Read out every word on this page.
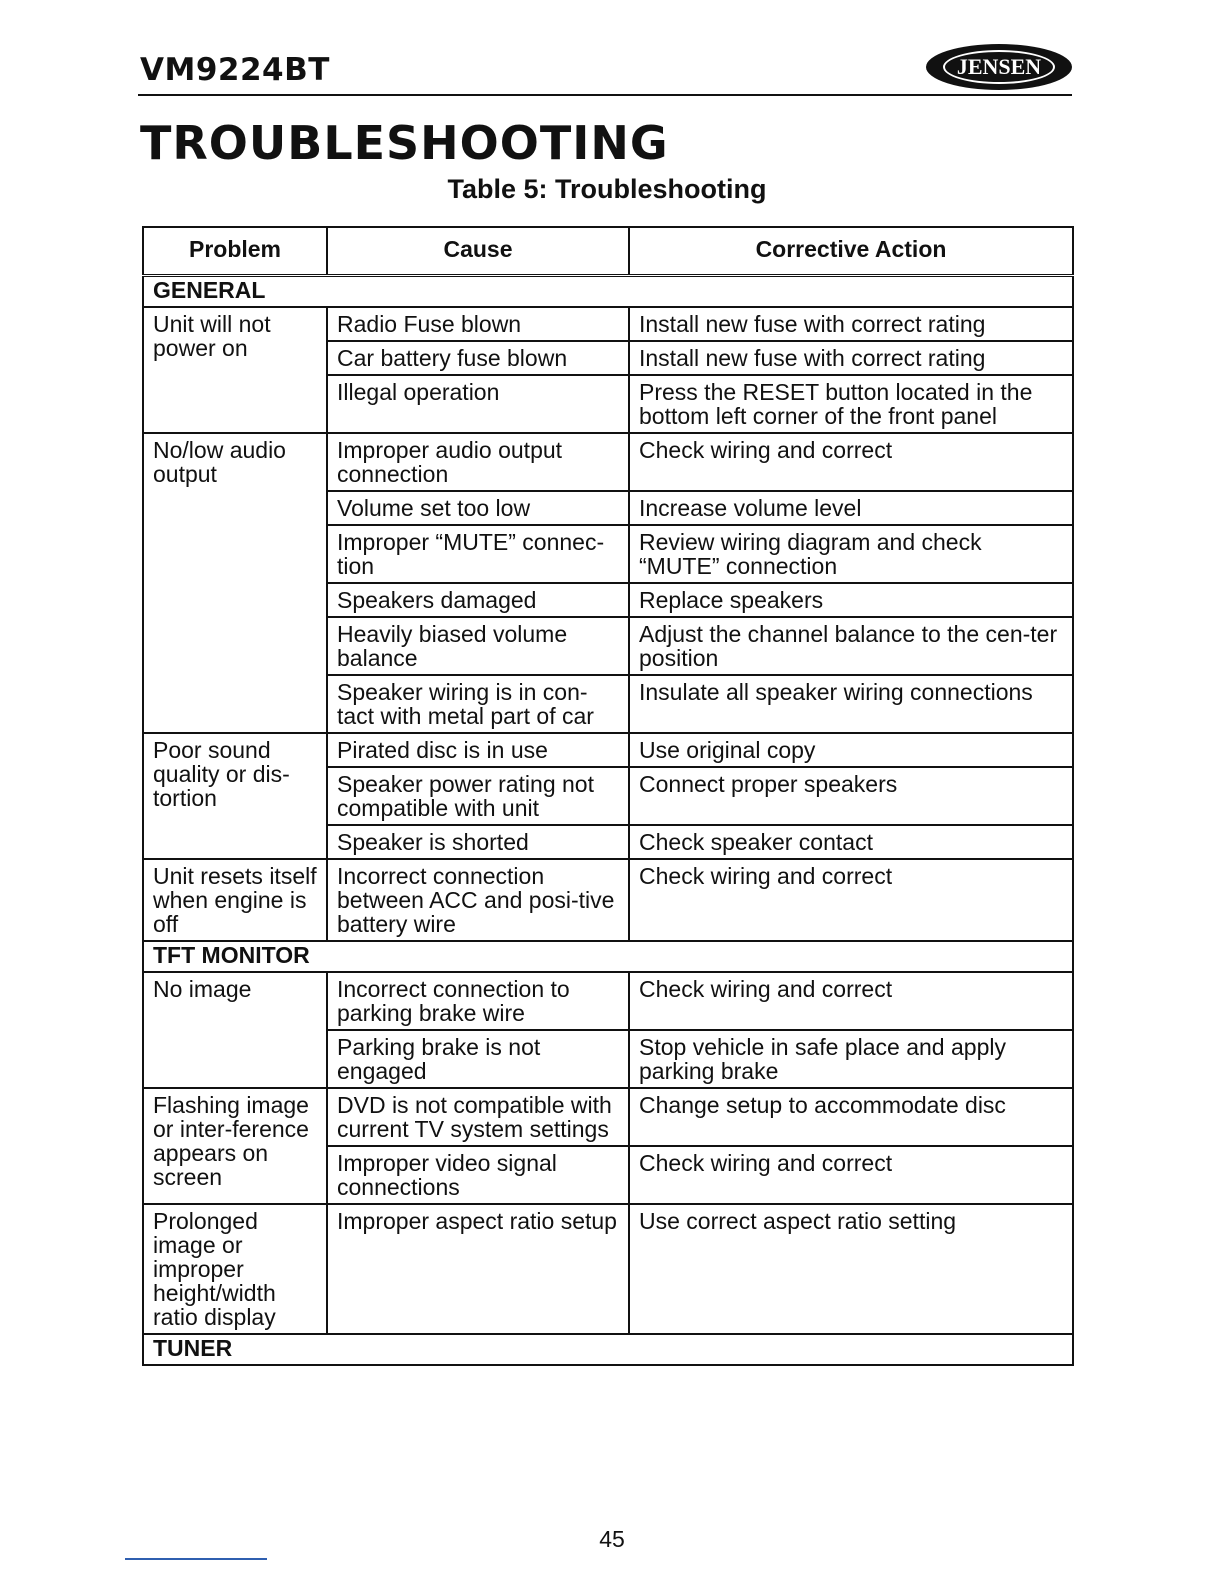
VM9224BT	JENSEN
TROUBLESHOOTING
Table 5: Troubleshooting
Problem	Cause	Corrective Action
GENERAL		
Unit will not power on	Radio Fuse blown	Install new fuse with correct rating
	Car battery fuse blown	Install new fuse with correct rating
	Illegal operation	Press the RESET button located in the bottom left corner of the front panel
No/low audio output	Improper audio output connection	Check wiring and correct
	Volume set too low	Increase volume level
	Improper “MUTE” connec-tion	Review wiring diagram and check “MUTE” connection
	Speakers damaged	Replace speakers
	Heavily biased volume balance	Adjust the channel balance to the cen-ter position
	Speaker wiring is in con-tact with metal part of car	Insulate all speaker wiring connections
Poor sound quality or dis-tortion	Pirated disc is in use	Use original copy
	Speaker power rating not compatible with unit	Connect proper speakers
	Speaker is shorted	Check speaker contact
Unit resets itself when engine is off	Incorrect connection between ACC and posi-tive battery wire	Check wiring and correct
TFT MONITOR		
No image	Incorrect connection to parking brake wire	Check wiring and correct
	Parking brake is not engaged	Stop vehicle in safe place and apply parking brake
Flashing image or inter-ference appears on screen	DVD is not compatible with current TV system settings	Change setup to accommodate disc
	Improper video signal connections	Check wiring and correct
Prolonged image or improper height/width ratio display	Improper aspect ratio setup	Use correct aspect ratio setting
TUNER		
45
